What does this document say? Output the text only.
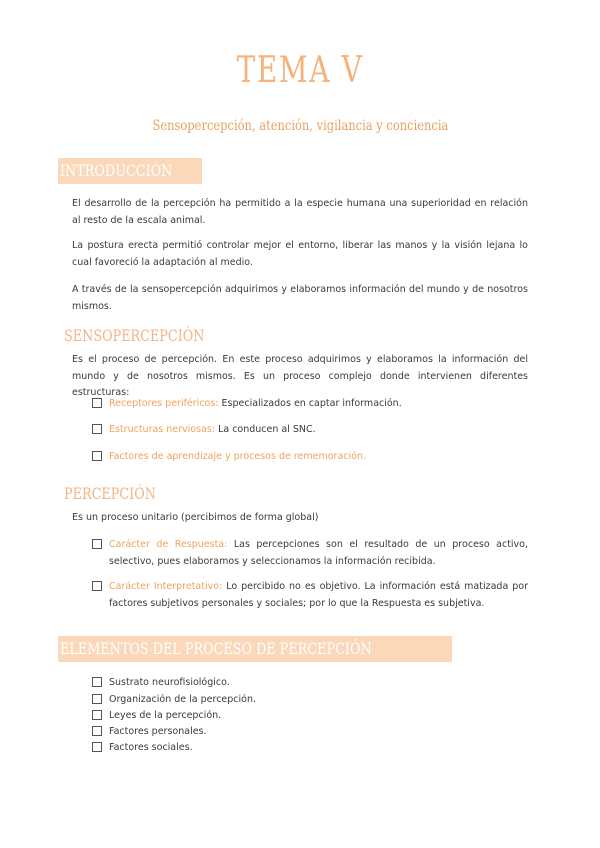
TEMA V
Sensopercepción, atención, vigilancia y conciencia
INTRODUCCIÓN

El desarrollo de la percepción ha permitido a la especie humana una superioridad en relación al resto de la escala animal.

La postura erecta permitió controlar mejor el entorno, liberar las manos y la visión lejana lo cual favoreció la adaptación al medio.

A través de la sensopercepción adquirimos y elaboramos información del mundo y de nosotros mismos.

SENSOPERCEPCIÓN

Es el proceso de percepción. En este proceso adquirimos y elaboramos la información del mundo y de nosotros mismos. Es un proceso complejo donde intervienen diferentes estructuras:

Receptores periféricos: Especializados en captar información.
Estructuras nerviosas: La conducen al SNC.
Factores de aprendizaje y procesos de rememoración.
PERCEPCIÓN

Es un proceso unitario (percibimos de forma global)

Carácter de Respuesta: Las percepciones son el resultado de un proceso activo, selectivo, pues elaboramos y seleccionamos la información recibida.
Carácter Interpretativo: Lo percibido no es objetivo. La información está matizada por factores subjetivos personales y sociales; por lo que la Respuesta es subjetiva.
ELEMENTOS DEL PROCESO DE PERCEPCIÓN
Sustrato neurofisiológico.
Organización de la percepción.
Leyes de la percepción.
Factores personales.
Factores sociales.
